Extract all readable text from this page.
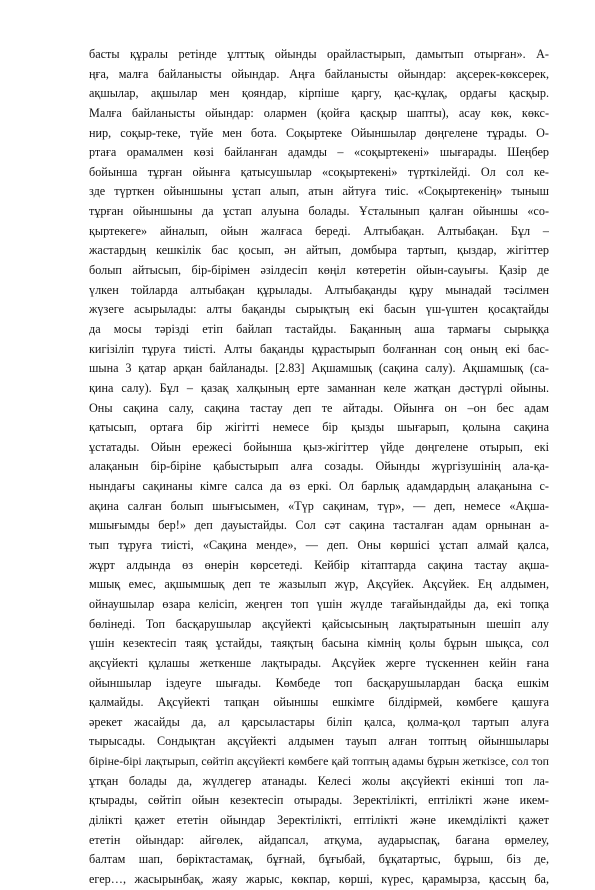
басты құралы ретінде ұлттық ойынды орайластырып, дамытып отырған». А-
ңға, малға байланысты ойындар. Аңға байланысты ойындар: ақсерек-көксерек,
ақшылар, ақшылар мен қояндар, кірпіше қаргу, қас-құлақ, ордағы қасқыр.
Малға байланысты ойындар: олармен (қойға қасқыр шапты), асау көк, көкс-
нир, соқыр-теке, түйе мен бота. Соқыртеке Ойыншылар дөңгелене тұрады. О-
ртаға орамалмен көзі байланған адамды – «соқыртекені» шығарады. Шеңбер
бойынша тұрған ойынға қатысушылар «соқыртекені» түрткілейді. Ол сол ке-
зде түрткен ойыншыны ұстап алып, атын айтуға тиіс. «Соқыртекенің» тыныш
тұрған ойыншыны да ұстап алуына болады. Ұсталынып қалған ойыншы «со-
қыртекеге» айналып, ойын жалғаса береді. Алтыбақан. Алтыбақан. Бұл –
жастардың кешкілік бас қосып, ән айтып, домбыра тартып, қыздар, жігіттер
болып айтысып, бір-бірімен әзілдесіп көңіл көтеретін ойын-сауығы. Қазір де
үлкен тойларда алтыбақан құрылады. Алтыбақанды құру мынадай тәсілмен
жүзеге асырылады: алты бақанды сырықтың екі басын үш-үштен қосақтайды
да мосы тәрізді етіп байлап тастайды. Бақанның аша тармағы сырыққа
кигізіліп тұруға тиісті. Алты бақанды құрастырып болғаннан соң оның екі бас-
шына 3 қатар арқан байланады. [2.83] Ақшамшық (сақина салу). Ақшамшық (са-
қина салу). Бұл – қазақ халқының ерте заманнан келе жатқан дәстүрлі ойыны.
Оны сақина салу, сақина тастау деп те айтады. Ойынға он –он бес адам
қатысып, ортаға бір жігітті немесе бір қызды шығарып, қолына сақина
ұстатады. Ойын ережесі бойынша қыз-жігіттер үйде дөңгелене отырып, екі
алақанын бір-біріне қабыстырып алға созады. Ойынды жүргізушінің ала-қа-
нындағы сақинаны кімге салса да өз еркі. Ол барлық адамдардың алақанына с-
ақина салған болып шығысымен, «Түр сақинам, түр», — деп, немесе «Ақша-
мшығымды бер!» деп дауыстайды. Сол сәт сақина тасталған адам орнынан а-
тып тұруға тиісті, «Сақина менде», — деп. Оны көршісі ұстап алмай қалса,
жұрт алдында өз өнерін көрсетеді. Кейбір кітаптарда сақина тастау ақша-
мшық емес, ақшымшық деп те жазылып жүр, Ақсүйек. Ақсүйек. Ең алдымен,
ойнаушылар өзара келісіп, жеңген топ үшін жүлде тағайындайды да, екі топқа
бөлінеді. Топ басқарушылар ақсүйекті қайсысының лақтыратынын шешіп алу
үшін кезектесіп таяқ ұстайды, таяқтың басына кімнің қолы бұрын шықса, сол
ақсүйекті құлашы жеткенше лақтырады. Ақсүйек жерге түскеннен кейін ғана
ойыншылар іздеуге шығады. Көмбеде топ басқарушылардан басқа ешкім
қалмайды. Ақсүйекті тапқан ойыншы ешкімге білдірмей, көмбеге қашуға
әрекет жасайды да, ал қарсыластары біліп қалса, қолма-қол тартып алуға
тырысады. Сондықтан ақсүйекті алдымен тауып алған топтың ойыншылары
біріне-бірі лақтырып, сөйтіп ақсүйекті көмбеге қай топтың адамы бұрын жеткізсе, сол топ
ұтқан болады да, жүлдегер атанады. Келесі жолы ақсүйекті екінші топ ла-
қтырады, сөйтіп ойын кезектесіп отырады. Зеректілікті, ептілікті және икем-
ділікті қажет ететін ойындар Зеректілікті, ептілікті және икемділікті қажет
ететін ойындар: айгөлек, айдапсал, атқума, аударыспақ, бағана өрмелеу,
балтам шап, бөріктастамақ, бұғнай, бұғыбай, бұқатартыс, бұрыш, біз де,
егер…, жасырынбақ, жаяу жарыс, көкпар, көрші, күрес, қарамырза, қассың ба,
